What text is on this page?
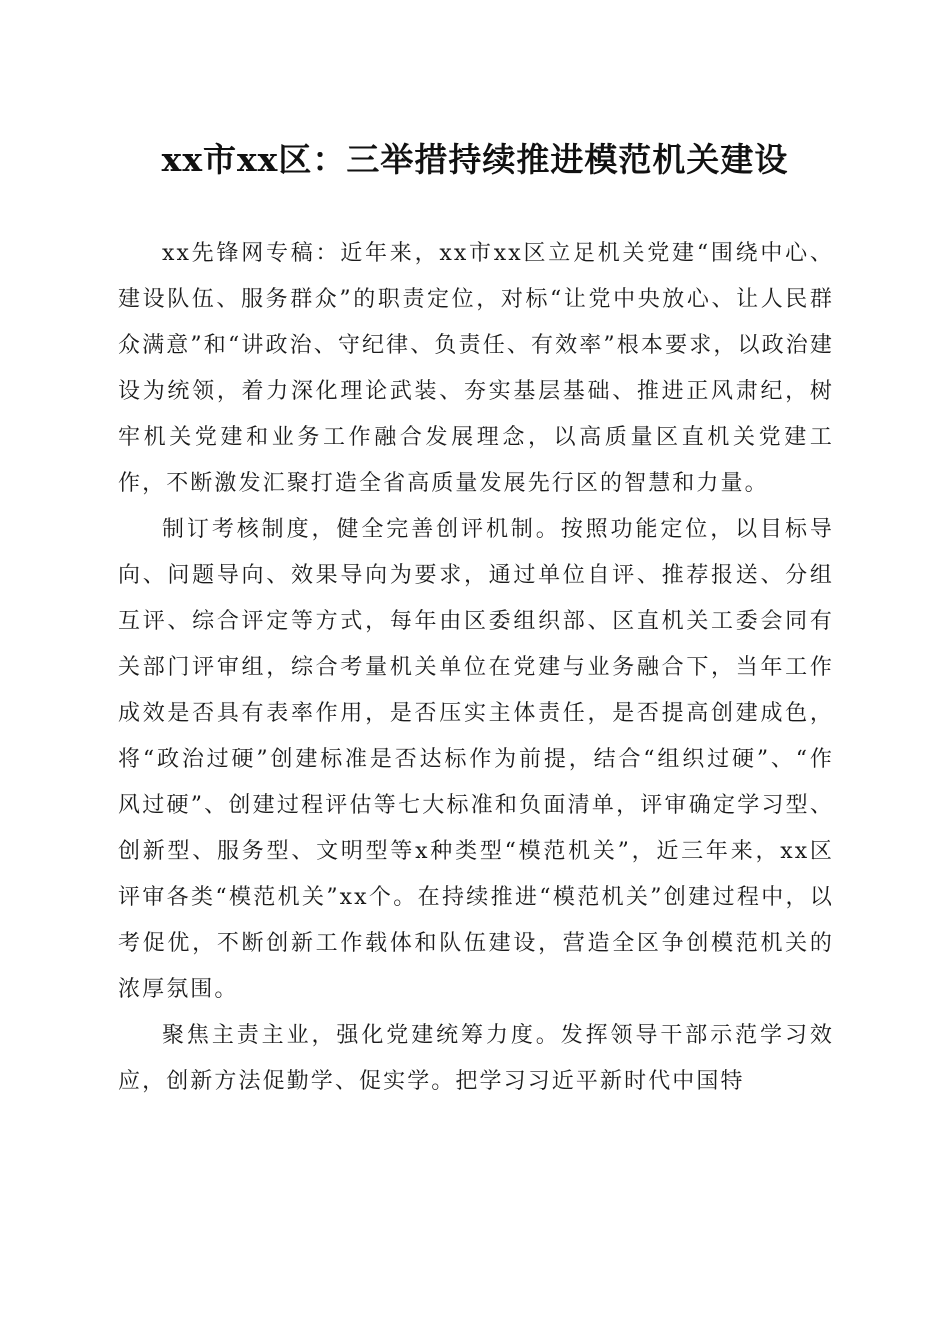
xx市xx区：三举措持续推进模范机关建设

xx先锋网专稿：近年来，xx市xx区立足机关党建“围绕中心、建设队伍、服务群众”的职责定位，对标“让党中央放心、让人民群众满意”和“讲政治、守纪律、负责任、有效率”根本要求，以政治建设为统领，着力深化理论武装、夯实基层基础、推进正风肃纪，树牢机关党建和业务工作融合发展理念，以高质量区直机关党建工作，不断激发汇聚打造全省高质量发展先行区的智慧和力量。

制订考核制度，健全完善创评机制。按照功能定位，以目标导向、问题导向、效果导向为要求，通过单位自评、推荐报送、分组互评、综合评定等方式，每年由区委组织部、区直机关工委会同有关部门评审组，综合考量机关单位在党建与业务融合下，当年工作成效是否具有表率作用，是否压实主体责任，是否提高创建成色，将“政治过硬”创建标准是否达标作为前提，结合“组织过硬”、“作风过硬”、创建过程评估等七大标准和负面清单，评审确定学习型、创新型、服务型、文明型等x种类型“模范机关”，近三年来，xx区评审各类“模范机关”xx个。在持续推进“模范机关”创建过程中，以考促优，不断创新工作载体和队伍建设，营造全区争创模范机关的浓厚氛围。

聚焦主责主业，强化党建统筹力度。发挥领导干部示范学习效应，创新方法促勤学、促实学。把学习习近平新时代中国特
